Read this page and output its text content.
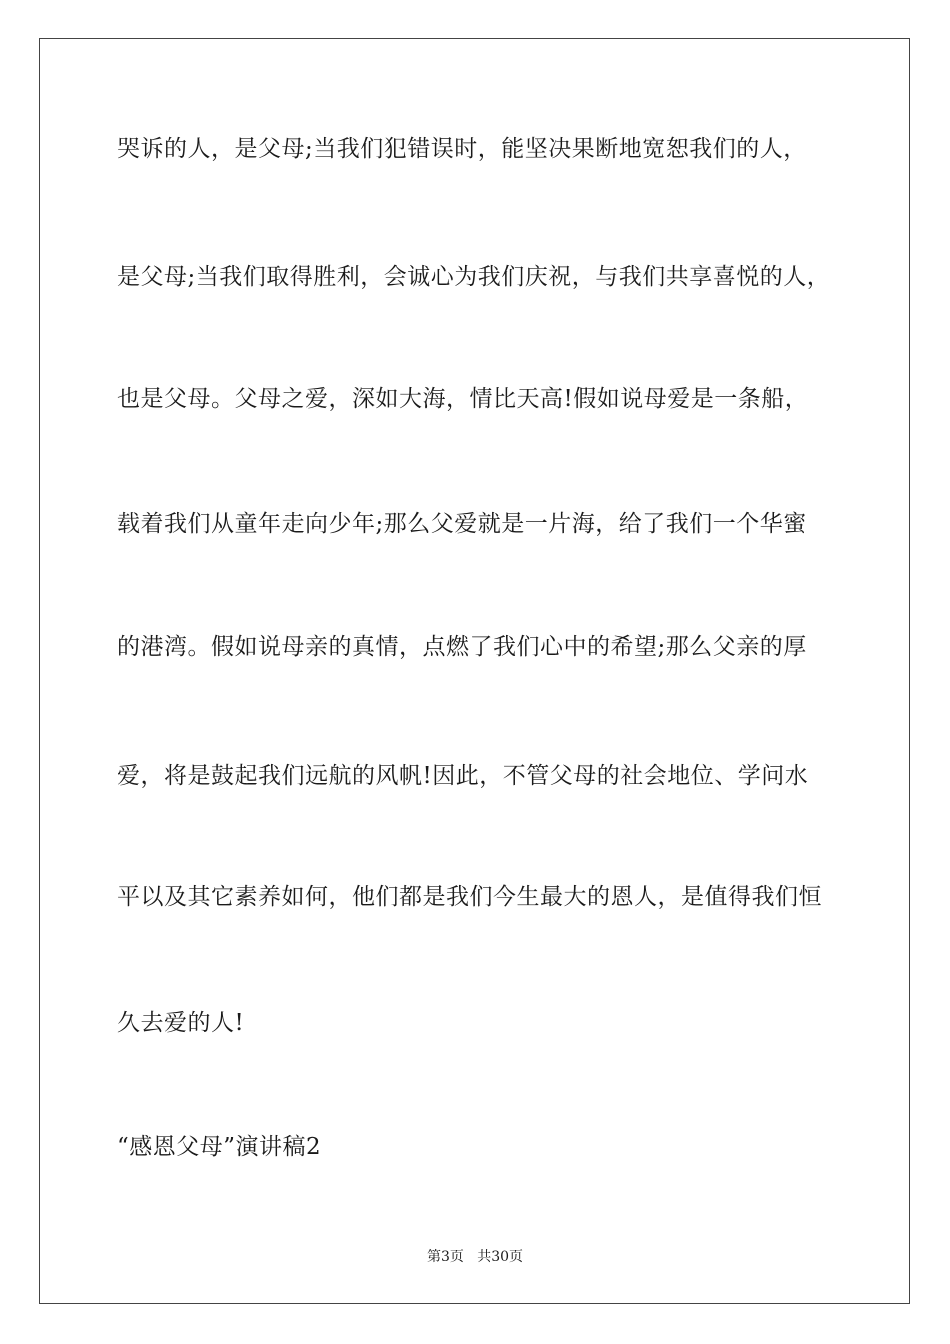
哭诉的人，是父母;当我们犯错误时，能坚决果断地宽恕我们的人，
是父母;当我们取得胜利，会诚心为我们庆祝，与我们共享喜悦的人，
也是父母。父母之爱，深如大海，情比天高!假如说母爱是一条船，
载着我们从童年走向少年;那么父爱就是一片海，给了我们一个华蜜
的港湾。假如说母亲的真情，点燃了我们心中的希望;那么父亲的厚
爱，将是鼓起我们远航的风帆!因此，不管父母的社会地位、学问水
平以及其它素养如何，他们都是我们今生最大的恩人，是值得我们恒
久去爱的人!
“感恩父母”演讲稿2
第3页   共30页
